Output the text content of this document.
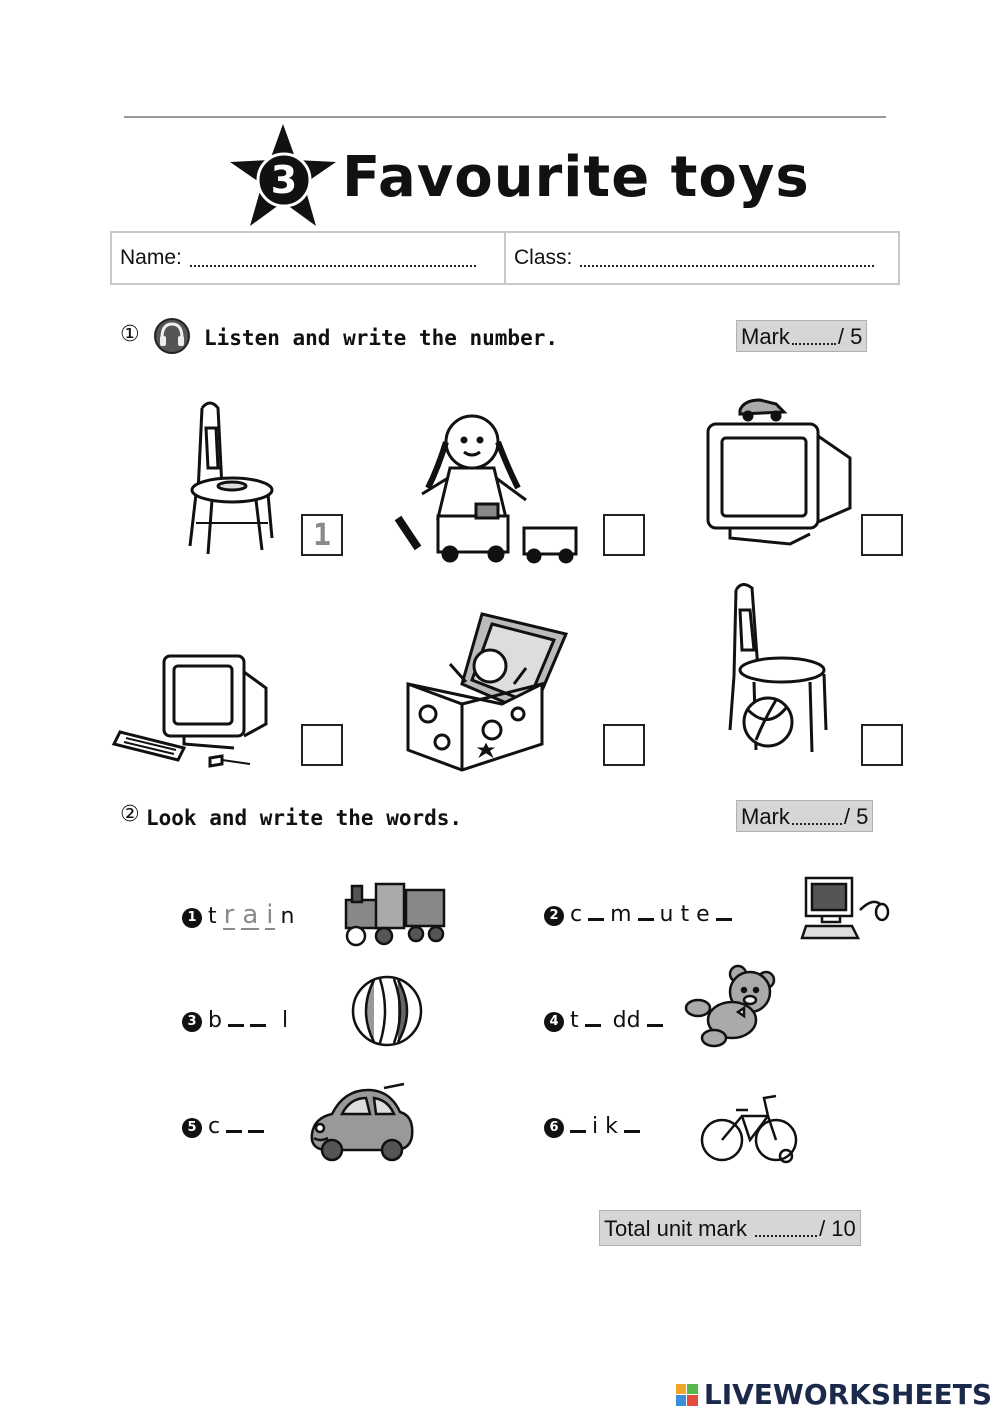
3 Favourite toys
Name:	Class:
①	Listen and write the number.	Mark / 5
1
② Look and write the words.	Mark / 5
1 t r a i n	2 c m u t e
3 b	l	4 t dd
5 c	6 i k
Total unit mark	/ 10
LIVEWORKSHEETS
